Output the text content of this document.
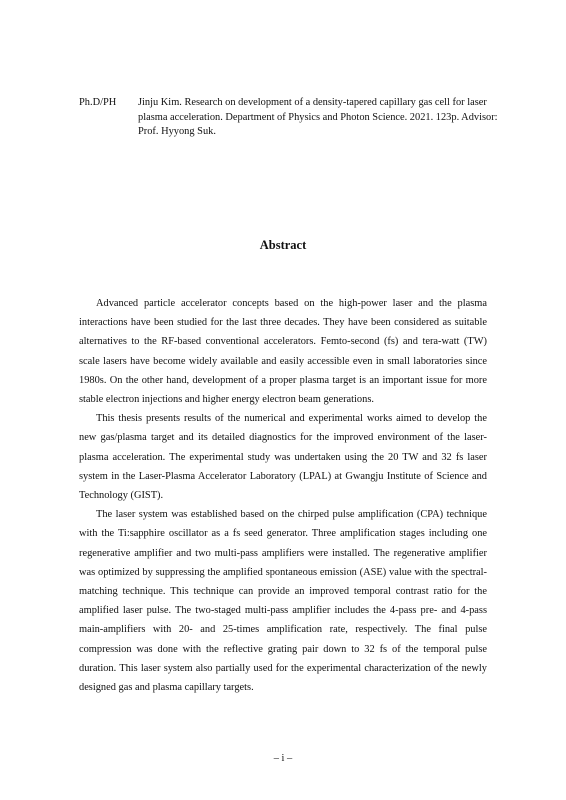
Ph.D/PH	Jinju Kim. Research on development of a density-tapered capillary gas cell for laser plasma acceleration. Department of Physics and Photon Science. 2021. 123p. Advisor: Prof. Hyyong Suk.
Abstract

Advanced particle accelerator concepts based on the high-power laser and the plasma interactions have been studied for the last three decades. They have been considered as suitable alternatives to the RF-based conventional accelerators. Femto-second (fs) and tera-watt (TW) scale lasers have become widely available and easily accessible even in small laboratories since 1980s. On the other hand, development of a proper plasma target is an important issue for more stable electron injections and higher energy electron beam generations.

This thesis presents results of the numerical and experimental works aimed to develop the new gas/plasma target and its detailed diagnostics for the improved environment of the laser-plasma acceleration. The experimental study was undertaken using the 20 TW and 32 fs laser system in the Laser-Plasma Accelerator Laboratory (LPAL) at Gwangju Institute of Science and Technology (GIST).

The laser system was established based on the chirped pulse amplification (CPA) technique with the Ti:sapphire oscillator as a fs seed generator. Three amplification stages including one regenerative amplifier and two multi-pass amplifiers were installed. The regenerative amplifier was optimized by suppressing the amplified spontaneous emission (ASE) value with the spectral-matching technique. This technique can provide an improved temporal contrast ratio for the amplified laser pulse. The two-staged multi-pass amplifier includes the 4-pass pre- and 4-pass main-amplifiers with 20- and 25-times amplification rate, respectively. The final pulse compression was done with the reflective grating pair down to 32 fs of the temporal pulse duration. This laser system also partially used for the experimental characterization of the newly designed gas and plasma capillary targets.

– i –
